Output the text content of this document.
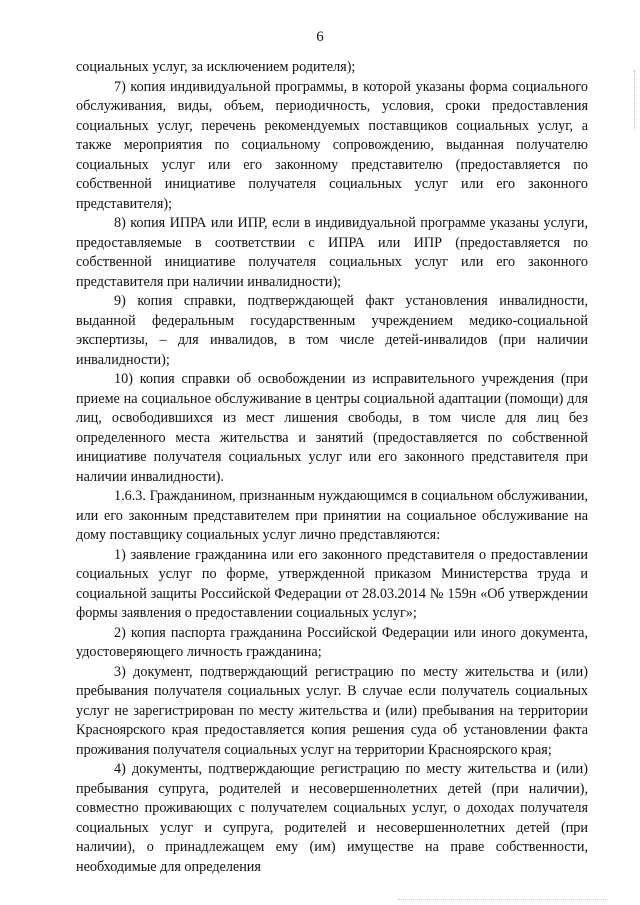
6

социальных услуг, за исключением родителя);

7) копия индивидуальной программы, в которой указаны форма социального обслуживания, виды, объем, периодичность, условия, сроки предоставления социальных услуг, перечень рекомендуемых поставщиков социальных услуг, а также мероприятия по социальному сопровождению, выданная получателю социальных услуг или его законному представителю (предоставляется по собственной инициативе получателя социальных услуг или его законного представителя);

8) копия ИПРА или ИПР, если в индивидуальной программе указаны услуги, предоставляемые в соответствии с ИПРА или ИПР (предоставляется по собственной инициативе получателя социальных услуг или его законного представителя при наличии инвалидности);

9) копия справки, подтверждающей факт установления инвалидности, выданной федеральным государственным учреждением медико-социальной экспертизы, – для инвалидов, в том числе детей-инвалидов (при наличии инвалидности);

10) копия справки об освобождении из исправительного учреждения (при приеме на социальное обслуживание в центры социальной адаптации (помощи) для лиц, освободившихся из мест лишения свободы, в том числе для лиц без определенного места жительства и занятий (предоставляется по собственной инициативе получателя социальных услуг или его законного представителя при наличии инвалидности).

1.6.3. Гражданином, признанным нуждающимся в социальном обслуживании, или его законным представителем при принятии на социальное обслуживание на дому поставщику социальных услуг лично представляются:

1) заявление гражданина или его законного представителя о предоставлении социальных услуг по форме, утвержденной приказом Министерства труда и социальной защиты Российской Федерации от 28.03.2014 № 159н «Об утверждении формы заявления о предоставлении социальных услуг»;

2) копия паспорта гражданина Российской Федерации или иного документа, удостоверяющего личность гражданина;

3) документ, подтверждающий регистрацию по месту жительства и (или) пребывания получателя социальных услуг. В случае если получатель социальных услуг не зарегистрирован по месту жительства и (или) пребывания на территории Красноярского края предоставляется копия решения суда об установлении факта проживания получателя социальных услуг на территории Красноярского края;

4) документы, подтверждающие регистрацию по месту жительства и (или) пребывания супруга, родителей и несовершеннолетних детей (при наличии), совместно проживающих с получателем социальных услуг, о доходах получателя социальных услуг и супруга, родителей и несовершеннолетних детей (при наличии), о принадлежащем ему (им) имуществе на праве собственности, необходимые для определения
